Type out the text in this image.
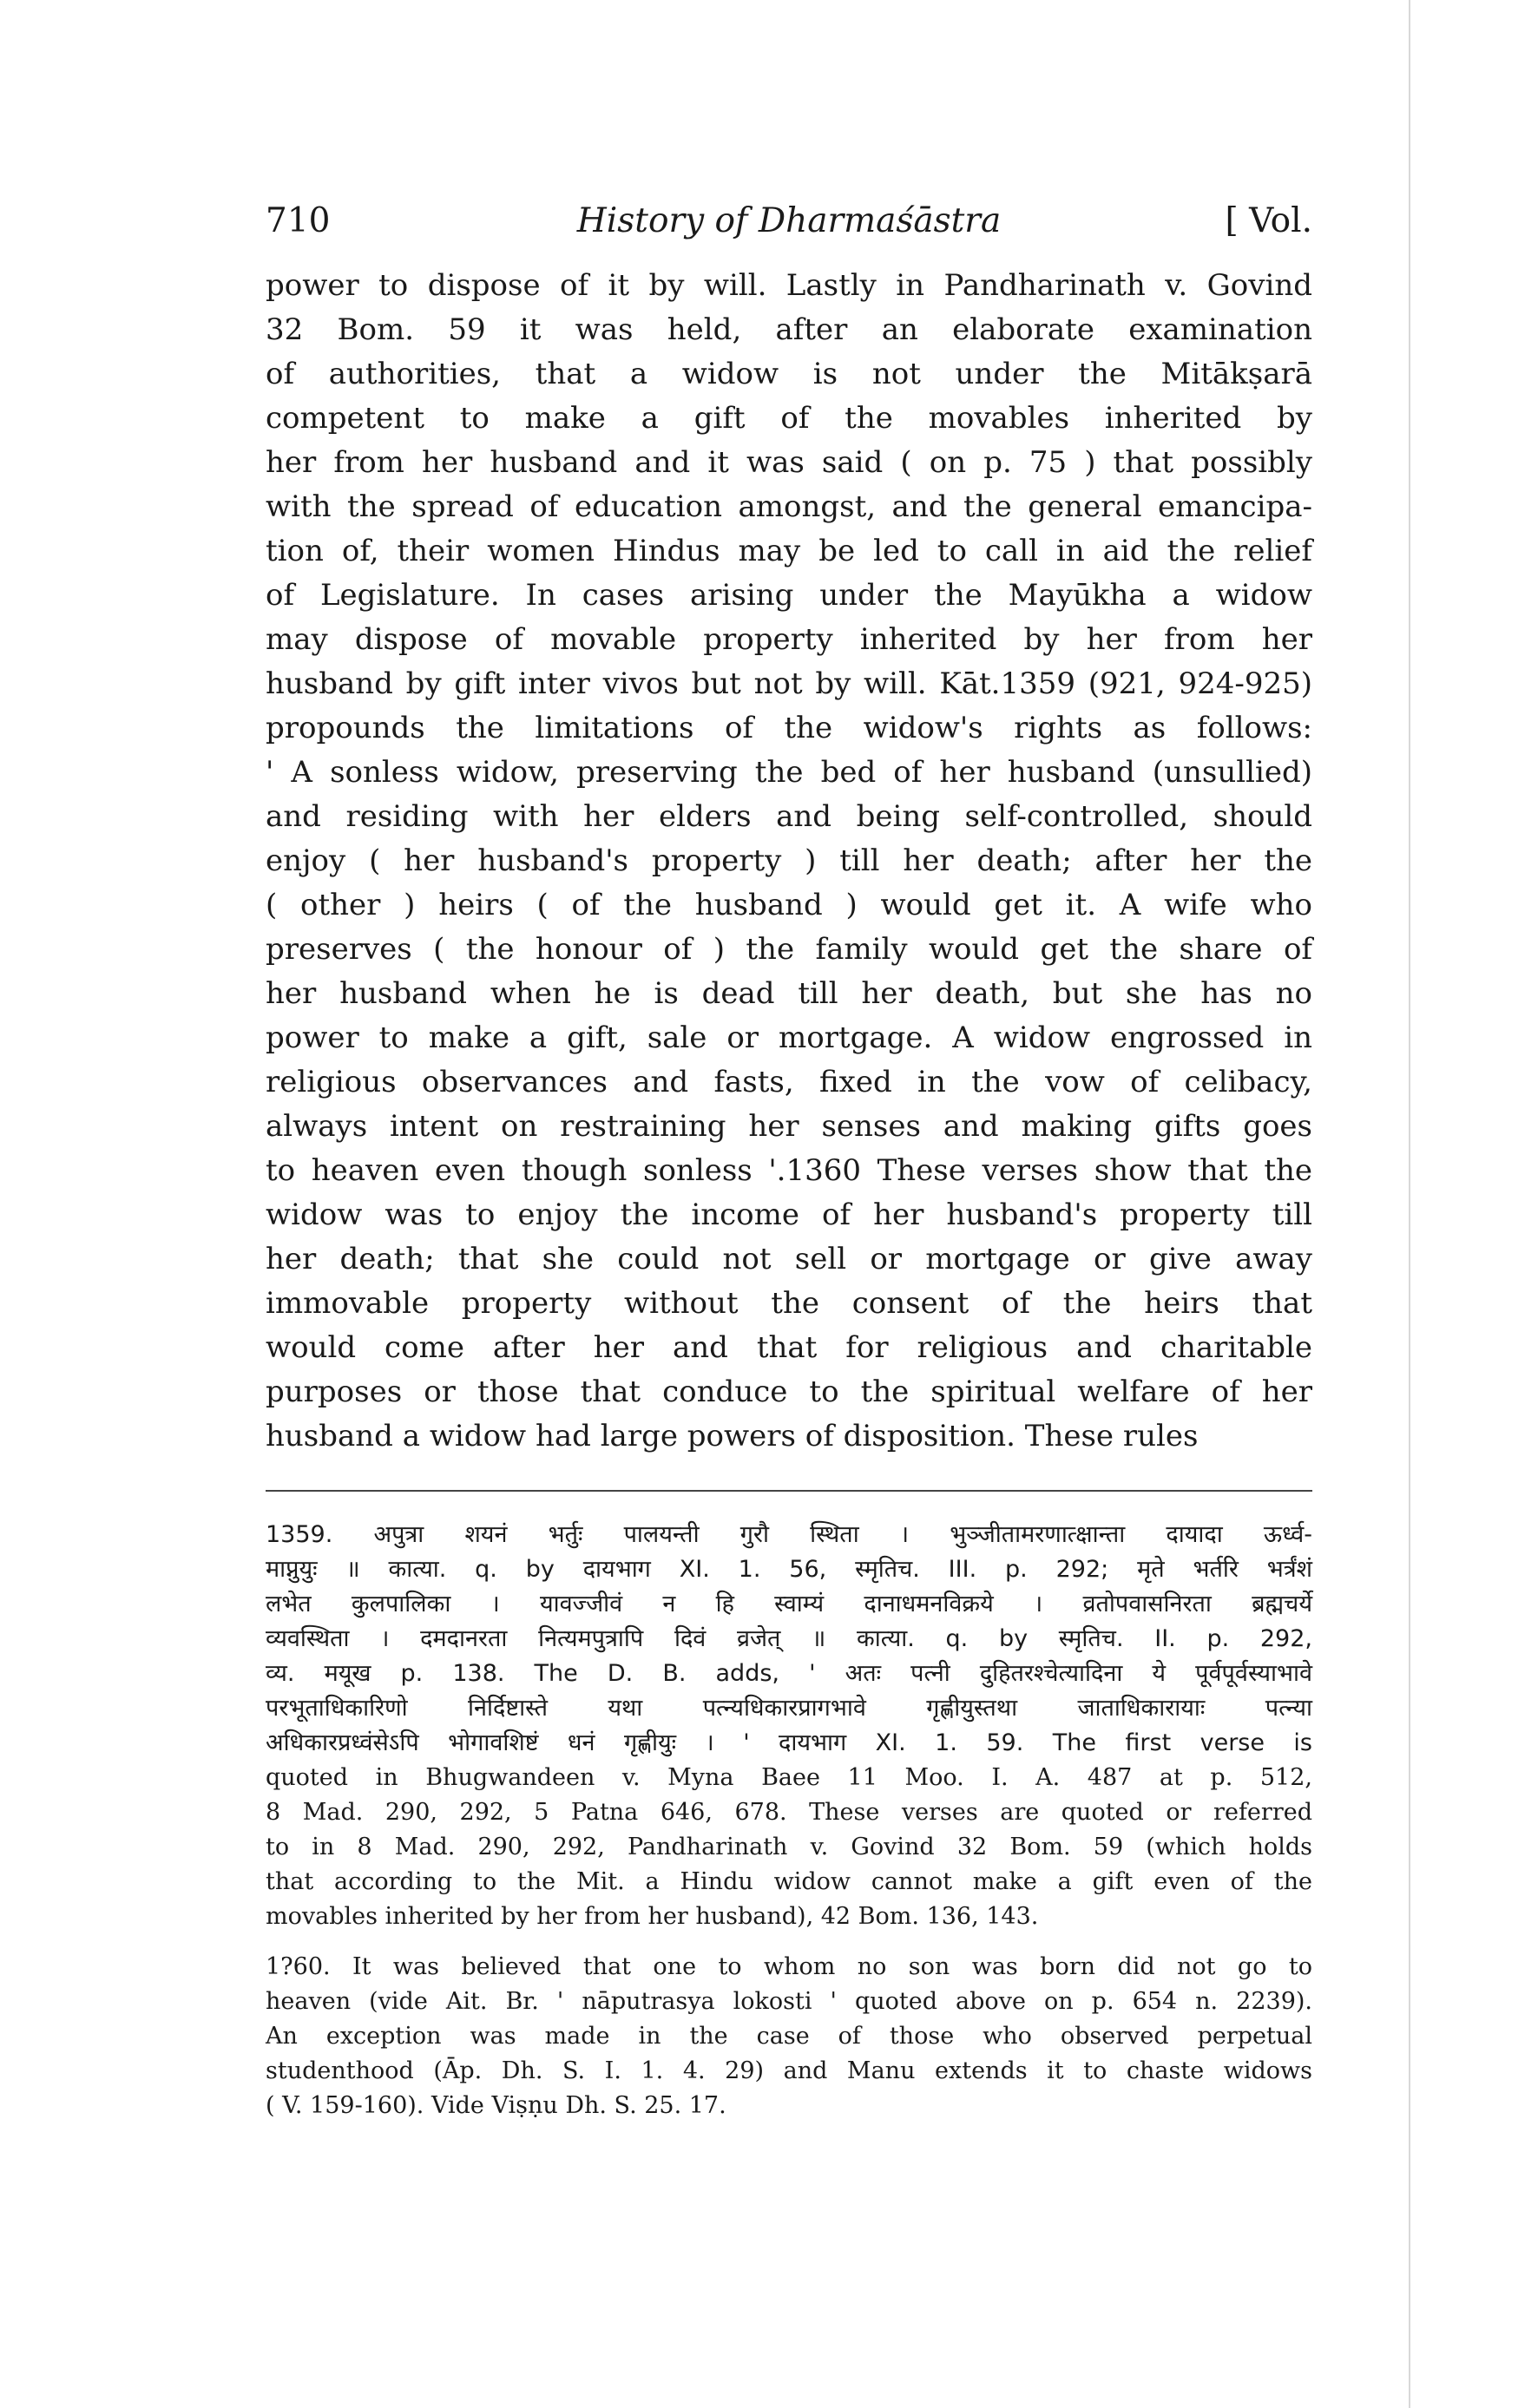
710	History of Dharmaśāstra	[ Vol.
power to dispose of it by will. Lastly in Pandharinath v. Govind
32 Bom. 59 it was held, after an elaborate examination
of authorities, that a widow is not under the Mitākṣarā
competent to make a gift of the movables inherited by
her from her husband and it was said ( on p. 75 ) that possibly
with the spread of education amongst, and the general emancipa-
tion of, their women Hindus may be led to call in aid the relief
of Legislature. In cases arising under the Mayūkha a widow
may dispose of movable property inherited by her from her
husband by gift inter vivos but not by will. Kāt.1359 (921, 924-925)
propounds the limitations of the widow's rights as follows:
' A sonless widow, preserving the bed of her husband (unsullied)
and residing with her elders and being self-controlled, should
enjoy ( her husband's property ) till her death; after her the
( other ) heirs ( of the husband ) would get it. A wife who
preserves ( the honour of ) the family would get the share of
her husband when he is dead till her death, but she has no
power to make a gift, sale or mortgage. A widow engrossed in
religious observances and fasts, fixed in the vow of celibacy,
always intent on restraining her senses and making gifts goes
to heaven even though sonless '.1360 These verses show that the
widow was to enjoy the income of her husband's property till
her death; that she could not sell or mortgage or give away
immovable property without the consent of the heirs that
would come after her and that for religious and charitable
purposes or those that conduce to the spiritual welfare of her
husband a widow had large powers of disposition. These rules
1359. अपुत्रा शयनं भर्तुः पालयन्ती गुरौ स्थिता । भुञ्जीतामरणात्क्षान्ता दायादा ऊर्ध्व-
माप्नुयुः ॥ कात्या. q. by दायभाग XI. 1. 56, स्मृतिच. III. p. 292; मृते भर्तरि भर्त्रंशं
लभेत कुलपालिका । यावज्जीवं न हि स्वाम्यं दानाधमनविक्रये । व्रतोपवासनिरता ब्रह्मचर्ये
व्यवस्थिता । दमदानरता नित्यमपुत्रापि दिवं व्रजेत् ॥ कात्या. q. by स्मृतिच. II. p. 292,
व्य. मयूख p. 138. The D. B. adds, ' अतः पत्नी दुहितरश्चेत्यादिना ये पूर्वपूर्वस्याभावे
परभूताधिकारिणो निर्दिष्टास्ते यथा पत्न्यधिकारप्रागभावे गृह्णीयुस्तथा जाताधिकारायाः पत्न्या
अधिकारप्रध्वंसेऽपि भोगावशिष्टं धनं गृह्णीयुः । ' दायभाग XI. 1. 59. The first verse is
quoted in Bhugwandeen v. Myna Baee 11 Moo. I. A. 487 at p. 512,
8 Mad. 290, 292, 5 Patna 646, 678. These verses are quoted or referred
to in 8 Mad. 290, 292, Pandharinath v. Govind 32 Bom. 59 (which holds
that according to the Mit. a Hindu widow cannot make a gift even of the
movables inherited by her from her husband), 42 Bom. 136, 143.
1?60. It was believed that one to whom no son was born did not go to
heaven (vide Ait. Br. ' nāputrasya lokosti ' quoted above on p. 654 n. 2239).
An exception was made in the case of those who observed perpetual
studenthood (Āp. Dh. S. I. 1. 4. 29) and Manu extends it to chaste widows
( V. 159-160). Vide Viṣṇu Dh. S. 25. 17.
